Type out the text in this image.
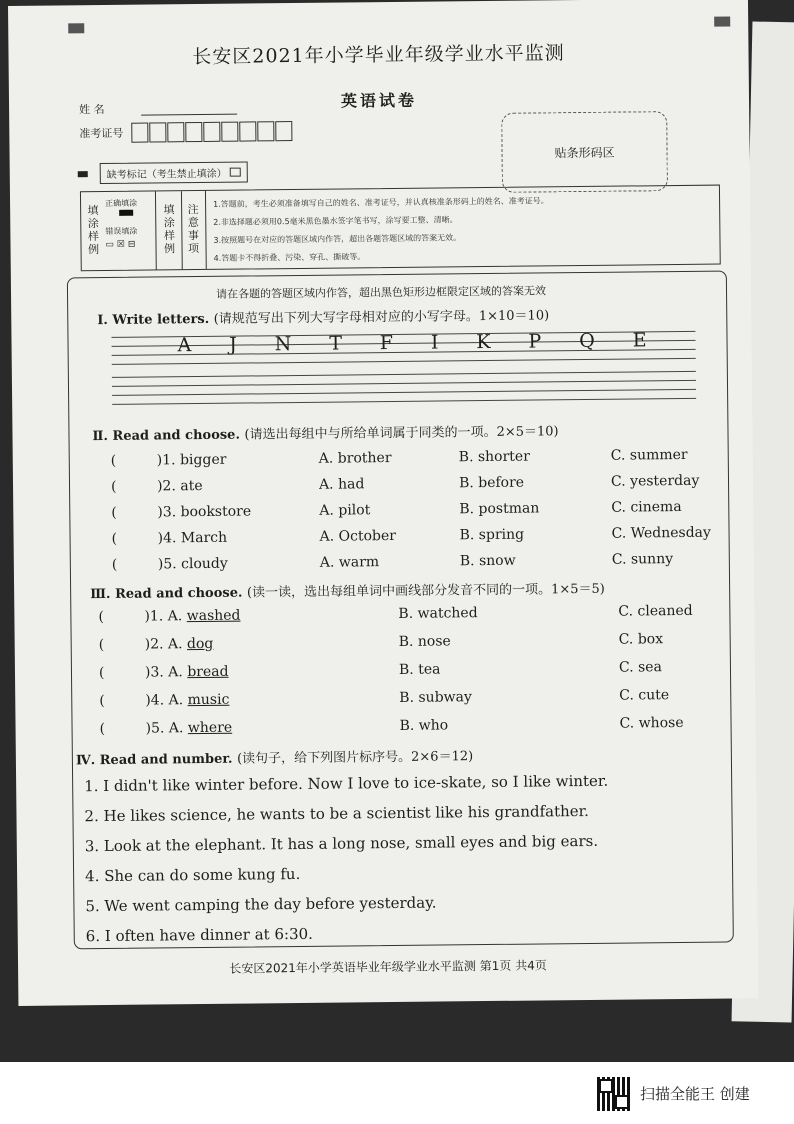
长安区2021年小学毕业年级学业水平监测
英语试卷
姓 名
准考证号
贴条形码区
缺考标记（考生禁止填涂）
填涂样例
正确填涂
错误填涂
▭ ☒ ⊟
填涂样例
注意事项
1.答题前，考生必须准备填写自己的姓名、准考证号，并认真核准条形码上的姓名、准考证号。
2.非选择题必须用0.5毫米黑色墨水签字笔书写，涂写要工整、清晰。
3.按照题号在对应的答题区域内作答，超出各题答题区域的答案无效。
4.答题卡不得折叠、污染、穿孔、撕破等。
请在各题的答题区域内作答，超出黑色矩形边框限定区域的答案无效
Ⅰ. Write letters. (请规范写出下列大写字母相对应的小写字母。1×10＝10)
A J N T F I K P Q E
Ⅱ. Read and choose. (请选出每组中与所给单词属于同类的一项。2×5＝10)
(	)1. bigger	A. brother	B. shorter	C. summer
(	)2. ate	A. had	B. before	C. yesterday
(	)3. bookstore	A. pilot	B. postman	C. cinema
(	)4. March	A. October	B. spring	C. Wednesday
(	)5. cloudy	A. warm	B. snow	C. sunny
Ⅲ. Read and choose. (读一读，选出每组单词中画线部分发音不同的一项。1×5＝5)
(	)1. A. washed	B. watched	C. cleaned
(	)2. A. dog	B. nose	C. box
(	)3. A. bread	B. tea	C. sea
(	)4. A. music	B. subway	C. cute
(	)5. A. where	B. who	C. whose
Ⅳ. Read and number. (读句子，给下列图片标序号。2×6＝12)
1. I didn't like winter before. Now I love to ice-skate, so I like winter.
2. He likes science, he wants to be a scientist like his grandfather.
3. Look at the elephant. It has a long nose, small eyes and big ears.
4. She can do some kung fu.
5. We went camping the day before yesterday.
6. I often have dinner at 6:30.
长安区2021年小学英语毕业年级学业水平监测 第1页 共4页
扫描全能王 创建
